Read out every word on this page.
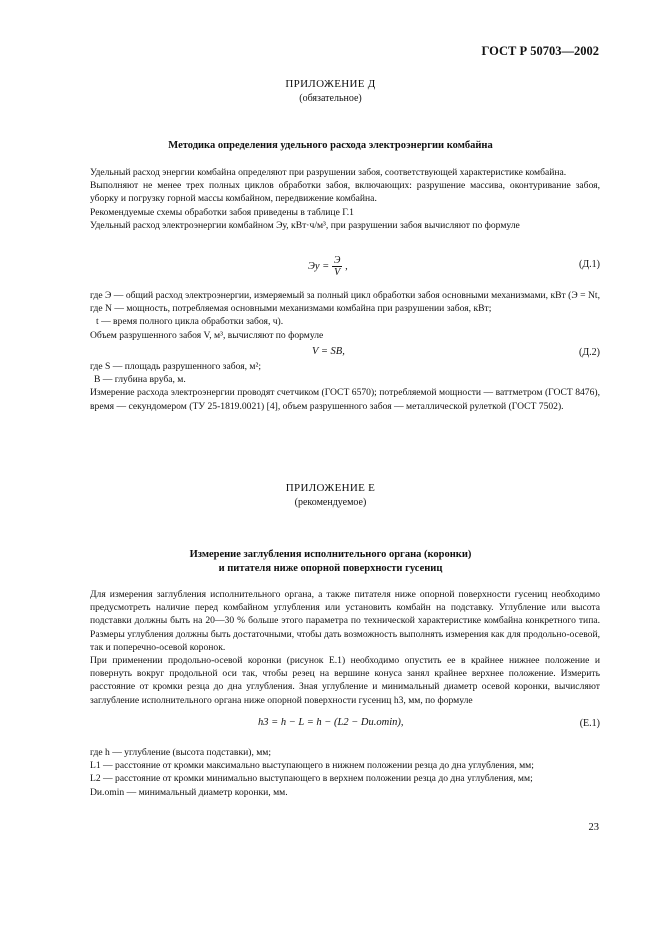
ГОСТ Р 50703—2002
ПРИЛОЖЕНИЕ Д
(обязательное)
Методика определения удельного расхода электроэнергии комбайна

Удельный расход энергии комбайна определяют при разрушении забоя, соответствующей характеристике комбайна.

Выполняют не менее трех полных циклов обработки забоя, включающих: разрушение массива, оконтуривание забоя, уборку и погрузку горной массы комбайном, передвижение комбайна.

Рекомендуемые схемы обработки забоя приведены в таблице Г.1

Удельный расход электроэнергии комбайном Эу, кВт·ч/м³, при разрушении забоя вычисляют по формуле

Эу = $\frac{Э}{V}$ ,	(Д.1)

где Э — общий расход электроэнергии, измеряемый за полный цикл обработки забоя основными механизмами, кВт (Э = Nt, где N — мощность, потребляемая основными механизмами комбайна при разрушении забоя, кВт;

t — время полного цикла обработки забоя, ч).

Объем разрушенного забоя V, м³, вычисляют по формуле

V = SB,	(Д.2)

где S — площадь разрушенного забоя, м²;

B — глубина вруба, м.

Измерение расхода электроэнергии проводят счетчиком (ГОСТ 6570); потребляемой мощности — ваттметром (ГОСТ 8476), время — секундомером (ТУ 25-1819.0021) [4], объем разрушенного забоя — металлической рулеткой (ГОСТ 7502).

ПРИЛОЖЕНИЕ Е
(рекомендуемое)
Измерение заглубления исполнительного органа (коронки)
и питателя ниже опорной поверхности гусениц

Для измерения заглубления исполнительного органа, а также питателя ниже опорной поверхности гусениц необходимо предусмотреть наличие перед комбайном углубления или установить комбайн на подставку. Углубление или высота подставки должны быть на 20—30 % больше этого параметра по технической характеристике комбайна конкретного типа. Размеры углубления должны быть достаточными, чтобы дать возможность выполнять измерения как для продольно-осевой, так и поперечно-осевой коронок.

При применении продольно-осевой коронки (рисунок Е.1) необходимо опустить ее в крайнее нижнее положение и повернуть вокруг продольной оси так, чтобы резец на вершине конуса занял крайнее верхнее положение. Измерить расстояние от кромки резца до дна углубления. Зная углубление и минимальный диаметр осевой коронки, вычисляют заглубление исполнительного органа ниже опорной поверхности гусениц h3, мм, по формуле

h3 = h − L = h − (L2 − Dи.оmin),	(Е.1)

где h — углубление (высота подставки), мм;

L1 — расстояние от кромки максимально выступающего в нижнем положении резца до дна углубления, мм;

L2 — расстояние от кромки минимально выступающего в верхнем положении резца до дна углубления, мм;

Dи.оmin — минимальный диаметр коронки, мм.

23
